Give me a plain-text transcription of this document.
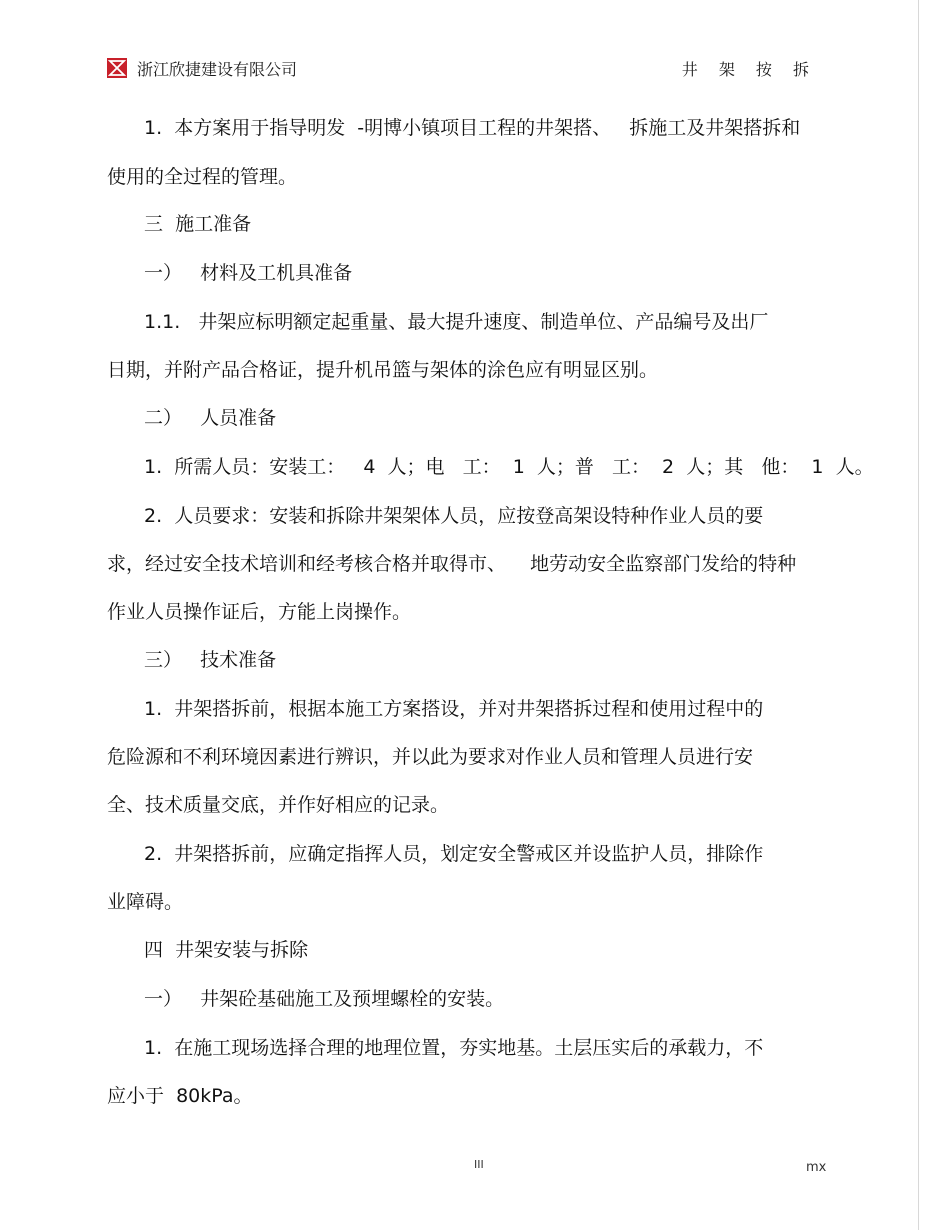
浙江欣捷建设有限公司	井 架 按 拆
1.  本方案用于指导明发  -明博小镇项目工程的井架搭、   拆施工及井架搭拆和
使用的全过程的管理。
三  施工准备
一）   材料及工机具准备
1.1.   井架应标明额定起重量、最大提升速度、制造单位、产品编号及出厂
日期，并附产品合格证，提升机吊篮与架体的涂色应有明显区别。
二）   人员准备
1.  所需人员：安装工：   4  人；电   工：  1  人；普   工：  2  人；其   他：  1  人。
2.  人员要求：安装和拆除井架架体人员，应按登高架设特种作业人员的要
求，经过安全技术培训和经考核合格并取得市、    地劳动安全监察部门发给的特种
作业人员操作证后，方能上岗操作。
三）   技术准备
1.  井架搭拆前，根据本施工方案搭设，并对井架搭拆过程和使用过程中的
危险源和不利环境因素进行辨识，并以此为要求对作业人员和管理人员进行安
全、技术质量交底，并作好相应的记录。
2.  井架搭拆前，应确定指挥人员，划定安全警戒区并设监护人员，排除作
业障碍。
四  井架安装与拆除
一）   井架砼基础施工及预埋螺栓的安装。
1.  在施工现场选择合理的地理位置，夯实地基。土层压实后的承载力，不
应小于  80kPa。
III	mx
